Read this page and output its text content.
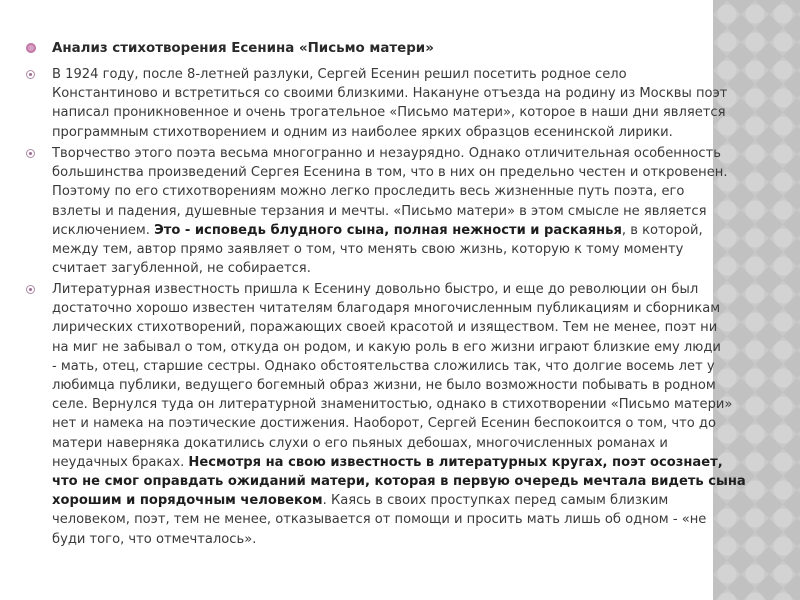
Анализ стихотворения Есенина «Письмо матери»
В 1924 году, после 8-летней разлуки, Сергей Есенин решил посетить родное село
Константиново и встретиться со своими близкими. Накануне отъезда на родину из Москвы поэт
написал проникновенное и очень трогательное «Письмо матери», которое в наши дни является
программным стихотворением и одним из наиболее ярких образцов есенинской лирики.
Творчество этого поэта весьма многогранно и незаурядно. Однако отличительная особенность
большинства произведений Сергея Есенина в том, что в них он предельно честен и откровенен.
Поэтому по его стихотворениям можно легко проследить весь жизненные путь поэта, его
взлеты и падения, душевные терзания и мечты. «Письмо матери» в этом смысле не является
исключением. Это - исповедь блудного сына, полная нежности и раскаянья, в которой,
между тем, автор прямо заявляет о том, что менять свою жизнь, которую к тому моменту
считает загубленной, не собирается.
Литературная известность пришла к Есенину довольно быстро, и еще до революции он был
достаточно хорошо известен читателям благодаря многочисленным публикациям и сборникам
лирических стихотворений, поражающих своей красотой и изяществом. Тем не менее, поэт ни
на миг не забывал о том, откуда он родом, и какую роль в его жизни играют близкие ему люди
- мать, отец, старшие сестры. Однако обстоятельства сложились так, что долгие восемь лет у
любимца публики, ведущего богемный образ жизни, не было возможности побывать в родном
селе. Вернулся туда он литературной знаменитостью, однако в стихотворении «Письмо матери»
нет и намека на поэтические достижения. Наоборот, Сергей Есенин беспокоится о том, что до
матери наверняка докатились слухи о его пьяных дебошах, многочисленных романах и
неудачных браках. Несмотря на свою известность в литературных кругах, поэт осознает,
что не смог оправдать ожиданий матери, которая в первую очередь мечтала видеть сына
хорошим и порядочным человеком. Каясь в своих проступках перед самым близким
человеком, поэт, тем не менее, отказывается от помощи и просить мать лишь об одном - «не
буди того, что отмечталось».
